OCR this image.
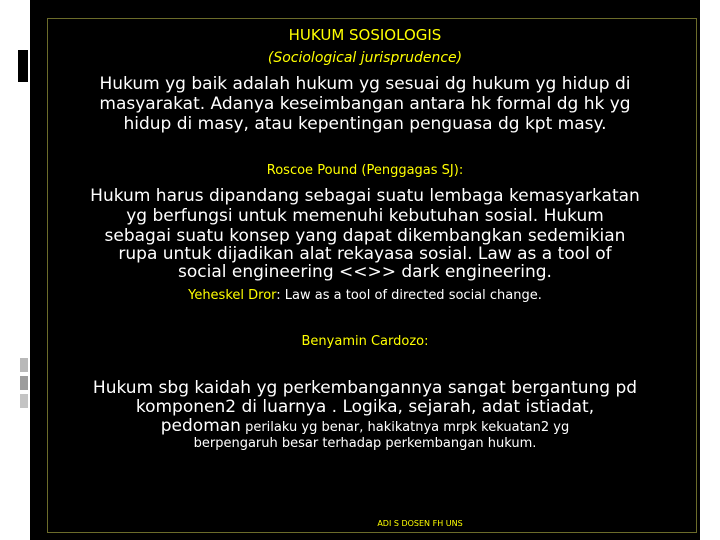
HUKUM SOSIOLOGIS
(Sociological jurisprudence)
Hukum yg baik adalah hukum yg sesuai dg hukum yg hidup di
masyarakat. Adanya keseimbangan antara hk formal dg hk yg
hidup di masy, atau kepentingan penguasa dg kpt masy.
Roscoe Pound (Penggagas SJ):
Hukum harus dipandang sebagai suatu lembaga kemasyarkatan
yg berfungsi untuk memenuhi kebutuhan sosial. Hukum
sebagai suatu konsep yang dapat dikembangkan sedemikian
rupa untuk dijadikan alat rekayasa sosial. Law as a tool of
social engineering <<>> dark engineering.
Yeheskel Dror: Law as a tool of directed social change.
Benyamin Cardozo:
Hukum sbg kaidah yg perkembangannya sangat bergantung pd
komponen2 di luarnya . Logika, sejarah, adat istiadat,
pedoman perilaku yg benar, hakikatnya mrpk kekuatan2 yg
berpengaruh besar terhadap perkembangan hukum.
ADI S DOSEN FH UNS
